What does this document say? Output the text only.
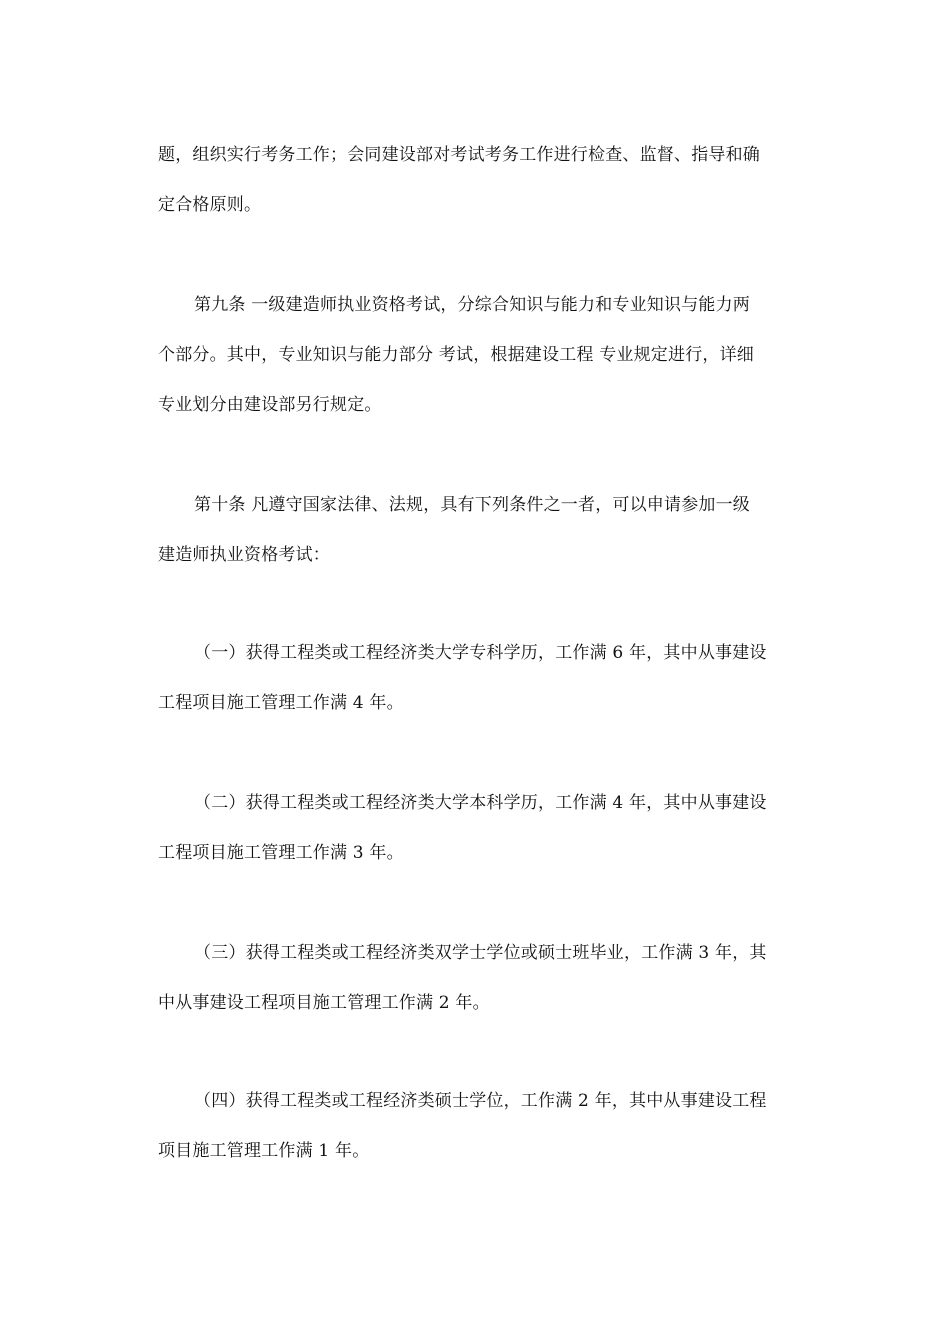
题，组织实行考务工作；会同建设部对考试考务工作进行检查、监督、指导和确
定合格原则。
第九条 一级建造师执业资格考试，分综合知识与能力和专业知识与能力两
个部分。其中，专业知识与能力部分 考试，根据建设工程 专业规定进行，详细
专业划分由建设部另行规定。
第十条 凡遵守国家法律、法规，具有下列条件之一者，可以申请参加一级
建造师执业资格考试：
（一）获得工程类或工程经济类大学专科学历，工作满 6 年，其中从事建设
工程项目施工管理工作满 4 年。
（二）获得工程类或工程经济类大学本科学历，工作满 4 年，其中从事建设
工程项目施工管理工作满 3 年。
（三）获得工程类或工程经济类双学士学位或硕士班毕业，工作满 3 年，其
中从事建设工程项目施工管理工作满 2 年。
（四）获得工程类或工程经济类硕士学位，工作满 2 年，其中从事建设工程
项目施工管理工作满 1 年。
